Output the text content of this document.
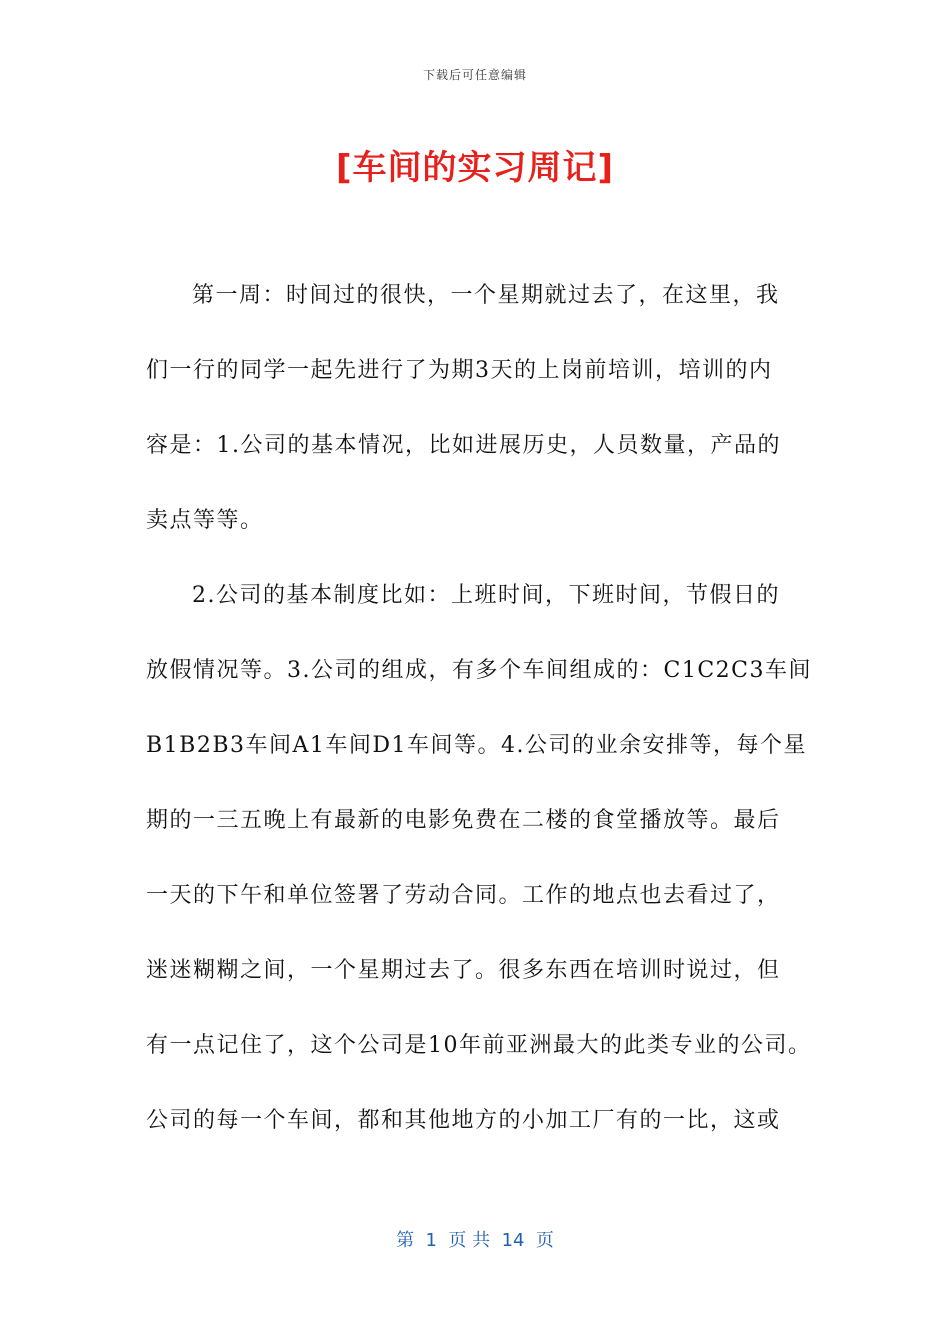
下载后可任意编辑
[车间的实习周记]
第一周：时间过的很快，一个星期就过去了，在这里，我
们一行的同学一起先进行了为期3天的上岗前培训，培训的内
容是：1.公司的基本情况，比如进展历史，人员数量，产品的
卖点等等。
2.公司的基本制度比如：上班时间，下班时间，节假日的
放假情况等。3.公司的组成，有多个车间组成的：C1C2C3车间
B1B2B3车间A1车间D1车间等。4.公司的业余安排等，每个星
期的一三五晚上有最新的电影免费在二楼的食堂播放等。最后
一天的下午和单位签署了劳动合同。工作的地点也去看过了，
迷迷糊糊之间，一个星期过去了。很多东西在培训时说过，但
有一点记住了，这个公司是10年前亚洲最大的此类专业的公司。
公司的每一个车间，都和其他地方的小加工厂有的一比，这或
第  1  页 共  14  页
